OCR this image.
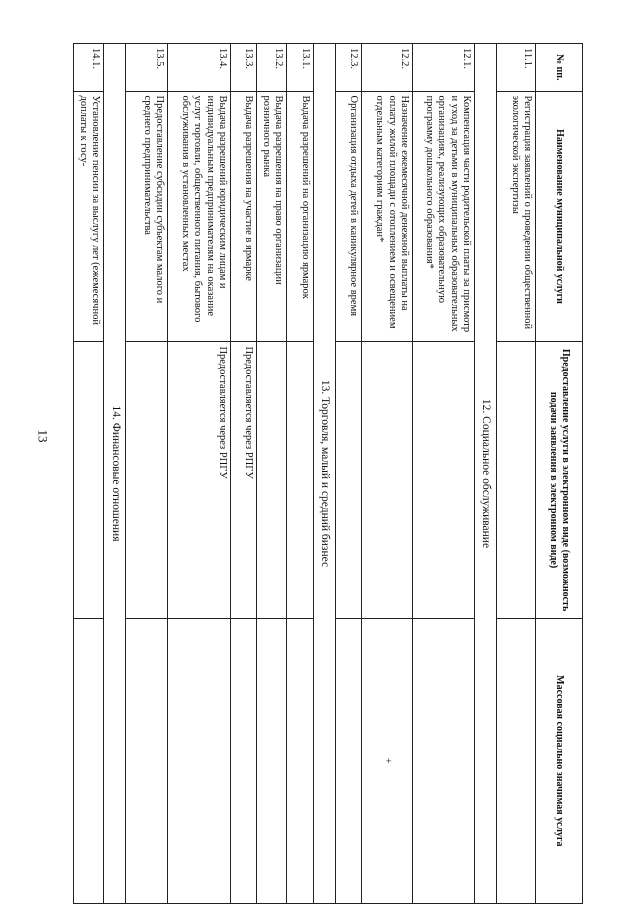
13
№ пп.	Наименование муниципальной услуги	Предоставление услуги в электронном виде (возможность подачи заявления в электронном виде)	Массовая социально значимая услуга
11.1.	Регистрация заявлений о проведении общественной экологической экспертизы		
12. Социальное обслуживание			
12.1.	Компенсация части родительской платы за присмотр и уход за детьми в муниципальных образовательных организациях, реализующих образовательную программу дошкольного образования*		
12.2.	Назначение ежемесячной денежной выплаты на оплату жилой площади с отоплением и освещением отдельным категориям граждан*		+
12.3.	Организация отдыха детей в каникулярное время		
13. Торговля, малый и средний бизнес			
13.1.	Выдача разрешений на организацию ярмарок		
13.2.	Выдача разрешения на право организации розничного рынка		
13.3.	Выдача разрешения на участие в ярмарке	Предоставляется через РПГУ	
13.4.	Выдача разрешений юридическим лицам и индивидуальным предпринимателям на оказание услуг торговли, общественного питания, бытового обслуживания в установленных местах	Предоставляется через РПГУ	
13.5.	Предоставление субсидии субъектам малого и среднего предпринимательства		
14. Финансовые отношения			
14.1.	Установление пенсии за выслугу лет (ежемесячной доплаты к госу-		
